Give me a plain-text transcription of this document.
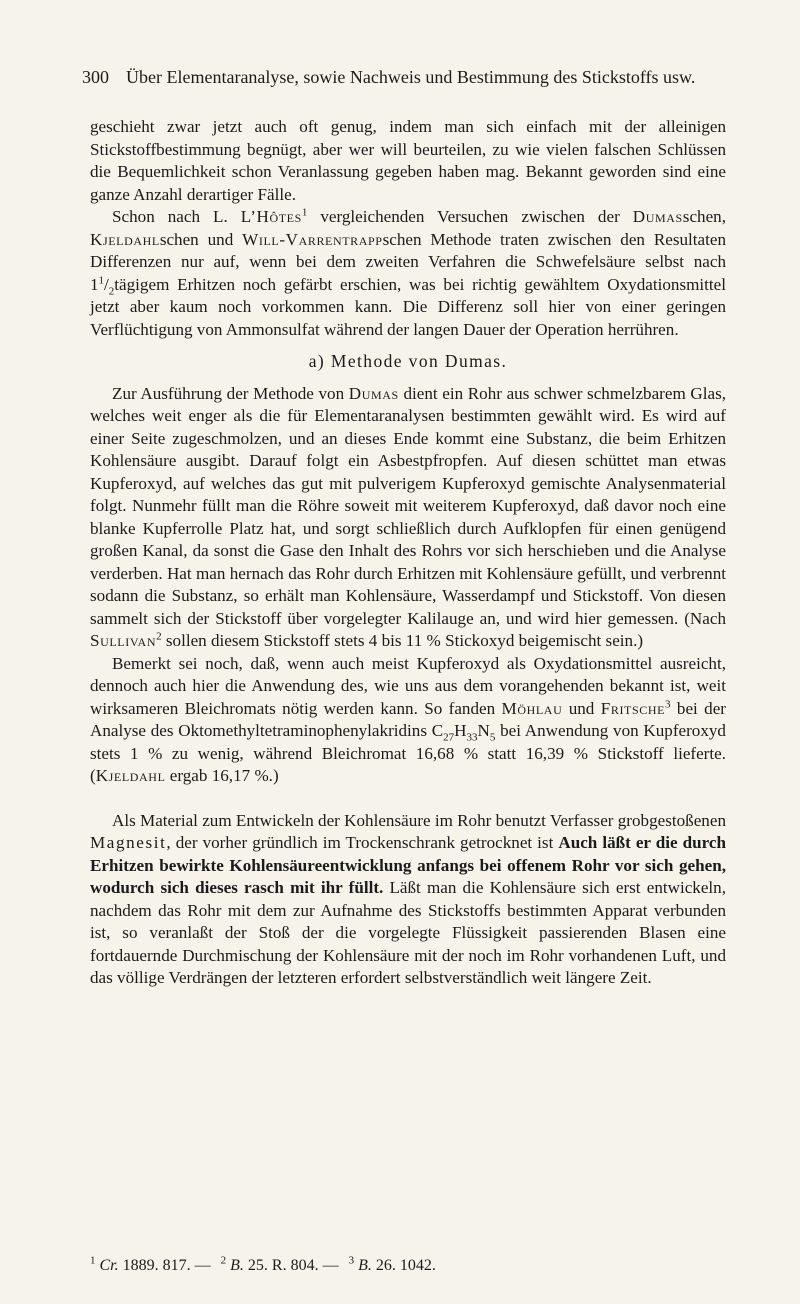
300 Über Elementaranalyse, sowie Nachweis und Bestimmung des Stickstoffs usw.

geschieht zwar jetzt auch oft genug, indem man sich einfach mit der alleinigen Stickstoffbestimmung begnügt, aber wer will beurteilen, zu wie vielen falschen Schlüssen die Bequemlichkeit schon Veranlassung gegeben haben mag. Bekannt geworden sind eine ganze Anzahl derartiger Fälle.

Schon nach L. L’Hôtes$^1$ vergleichenden Versuchen zwischen der Dumasschen, Kjeldahlschen und Will-Varrentrappschen Methode traten zwischen den Resultaten Differenzen nur auf, wenn bei dem zweiten Verfahren die Schwefelsäure selbst nach $1^1/_2tägigem$ Erhitzen noch gefärbt erschien, was bei richtig gewähltem Oxydationsmittel jetzt aber kaum noch vorkommen kann. Die Differenz soll hier von einer geringen Verflüchtigung von Ammonsulfat während der langen Dauer der Operation herrühren.

a) Methode von Dumas.

Zur Ausführung der Methode von Dumas dient ein Rohr aus schwer schmelzbarem Glas, welches weit enger als die für Elementaranalysen bestimmten gewählt wird. Es wird auf einer Seite zugeschmolzen, und an dieses Ende kommt eine Substanz, die beim Erhitzen Kohlensäure ausgibt. Darauf folgt ein Asbestpfropfen. Auf diesen schüttet man etwas Kupferoxyd, auf welches das gut mit pulverigem Kupferoxyd gemischte Analysenmaterial folgt. Nunmehr füllt man die Röhre soweit mit weiterem Kupferoxyd, daß davor noch eine blanke Kupferrolle Platz hat, und sorgt schließlich durch Aufklopfen für einen genügend großen Kanal, da sonst die Gase den Inhalt des Rohrs vor sich herschieben und die Analyse verderben. Hat man hernach das Rohr durch Erhitzen mit Kohlensäure gefüllt, und verbrennt sodann die Substanz, so erhält man Kohlensäure, Wasserdampf und Stickstoff. Von diesen sammelt sich der Stickstoff über vorgelegter Kalilauge an, und wird hier gemessen. (Nach Sullivan$^2$ sollen diesem Stickstoff stets 4 bis 11 % Stickoxyd beigemischt sein.)

Bemerkt sei noch, daß, wenn auch meist Kupferoxyd als Oxydationsmittel ausreicht, dennoch auch hier die Anwendung des, wie uns aus dem vorangehenden bekannt ist, weit wirksameren Bleichromats nötig werden kann. So fanden Möhlau und Fritsche$^3$ bei der Analyse des Oktomethyltetraminophenylakridins $C_{27}H_{33}N_5$ bei Anwendung von Kupferoxyd stets 1 % zu wenig, während Bleichromat 16,68 % statt 16,39 % Stickstoff lieferte. (Kjeldahl ergab 16,17 %.)

Als Material zum Entwickeln der Kohlensäure im Rohr benutzt Verfasser grobgestoßenen Magnesit, der vorher gründlich im Trockenschrank getrocknet ist Auch läßt er die durch Erhitzen bewirkte Kohlensäureentwicklung anfangs bei offenem Rohr vor sich gehen, wodurch sich dieses rasch mit ihr füllt. Läßt man die Kohlensäure sich erst entwickeln, nachdem das Rohr mit dem zur Aufnahme des Stickstoffs bestimmten Apparat verbunden ist, so veranlaßt der Stoß der die vorgelegte Flüssigkeit passierenden Blasen eine fortdauernde Durchmischung der Kohlensäure mit der noch im Rohr vorhandenen Luft, und das völlige Verdrängen der letzteren erfordert selbstverständlich weit längere Zeit.

$^1$ Cr. 1889. 817. — $^2$ B. 25. R. 804. — $^3$ B. 26. 1042.
